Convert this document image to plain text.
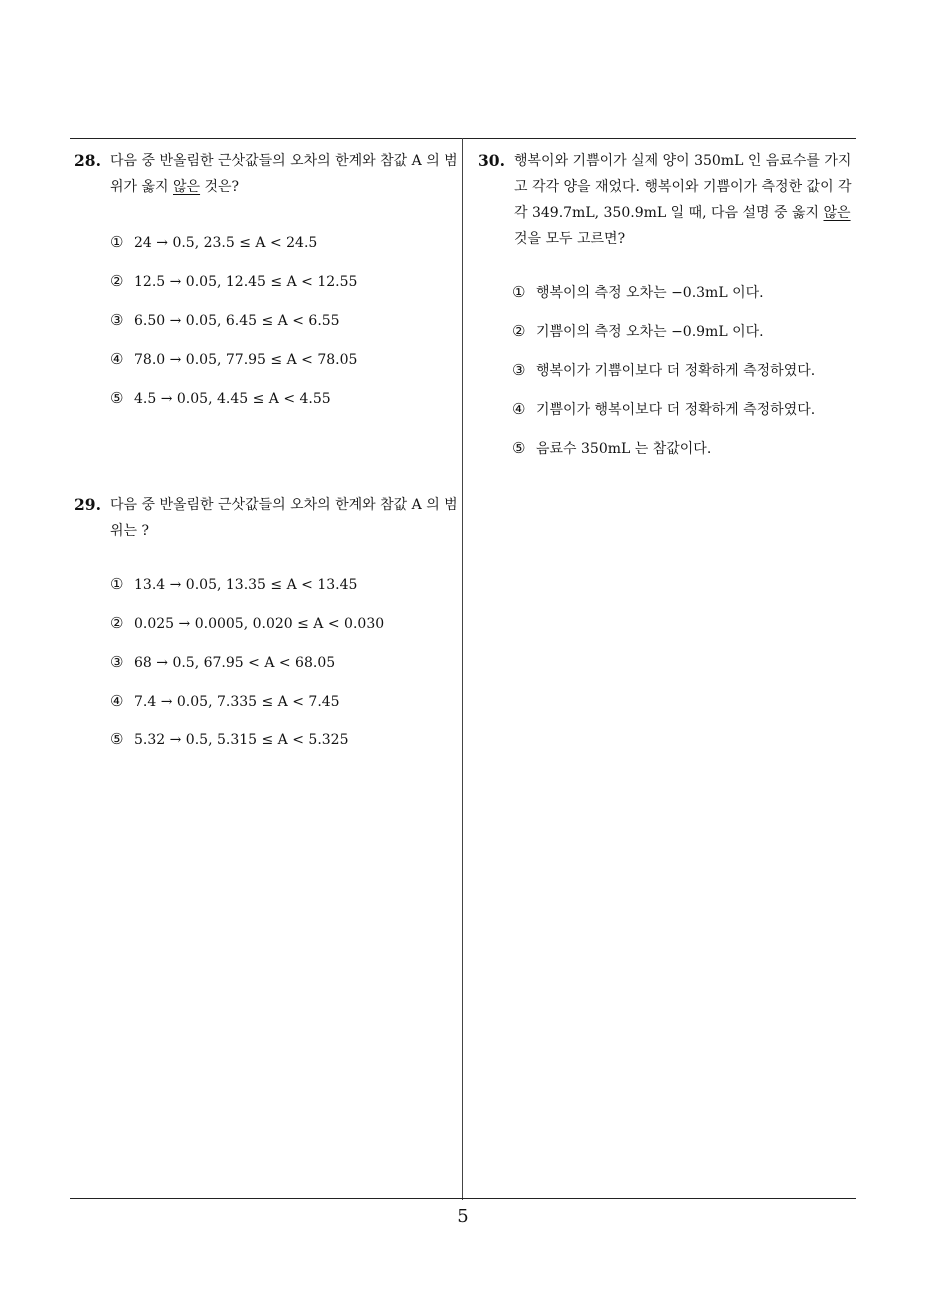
28. 다음 중 반올림한 근삿값들의 오차의 한계와 참값 A 의 범위가 옳지 않은 것은?
① 24 → 0.5, 23.5 ≤ A < 24.5
② 12.5 → 0.05, 12.45 ≤ A < 12.55
③ 6.50 → 0.05, 6.45 ≤ A < 6.55
④ 78.0 → 0.05, 77.95 ≤ A < 78.05
⑤ 4.5 → 0.05, 4.45 ≤ A < 4.55
29. 다음 중 반올림한 근삿값들의 오차의 한계와 참값 A 의 범위는 ?
① 13.4 → 0.05, 13.35 ≤ A < 13.45
② 0.025 → 0.0005, 0.020 ≤ A < 0.030
③ 68 → 0.5, 67.95 < A < 68.05
④ 7.4 → 0.05, 7.335 ≤ A < 7.45
⑤ 5.32 → 0.5, 5.315 ≤ A < 5.325
30. 행복이와 기쁨이가 실제 양이 350mL 인 음료수를 가지고 각각 양을 재었다. 행복이와 기쁨이가 측정한 값이 각각 349.7mL, 350.9mL 일 때, 다음 설명 중 옳지 않은 것을 모두 고르면?
① 행복이의 측정 오차는 −0.3mL 이다.
② 기쁨이의 측정 오차는 −0.9mL 이다.
③ 행복이가 기쁨이보다 더 정확하게 측정하였다.
④ 기쁨이가 행복이보다 더 정확하게 측정하였다.
⑤ 음료수 350mL 는 참값이다.
5
